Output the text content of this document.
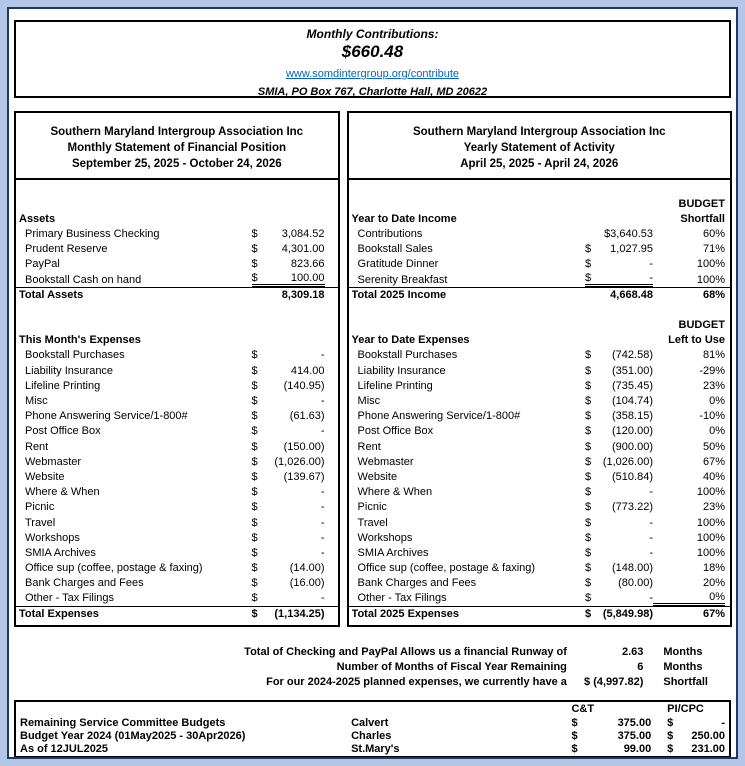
Monthly Contributions:
$660.48
www.somdintergroup.org/contribute
SMIA, PO Box 767, Charlotte Hall, MD 20622
Southern Maryland Intergroup Association Inc
Monthly Statement of Financial Position
September 25, 2025 - October 24, 2026
Assets
Primary Business Checking	$	3,084.52
Prudent Reserve	$	4,301.00
PayPal	$	823.66
Bookstall Cash on hand	$	100.00
Total Assets	8,309.18
This Month's Expenses
Bookstall Purchases	$	-
Liability Insurance	$	414.00
Lifeline Printing	$	(140.95)
Misc	$	-
Phone Answering Service/1-800#	$	(61.63)
Post Office Box	$	-
Rent	$	(150.00)
Webmaster	$	(1,026.00)
Website	$	(139.67)
Where & When	$	-
Picnic	$	-
Travel	$	-
Workshops	$	-
SMIA Archives	$	-
Office sup (coffee, postage & faxing)	$	(14.00)
Bank Charges and Fees	$	(16.00)
Other - Tax Filings	$	-
Total Expenses	$	(1,134.25)
Southern Maryland Intergroup Association Inc
Yearly Statement of Activity
April 25, 2025 - April 24, 2026
BUDGET
Year to Date Income	Shortfall
Contributions	$3,640.53	60%
Bookstall Sales	$	1,027.95	71%
Gratitude Dinner	$	-	100%
Serenity Breakfast	$	-	100%
Total 2025 Income	4,668.48	68%
BUDGET
Year to Date Expenses	Left to Use
Bookstall Purchases	$	(742.58)	81%
Liability Insurance	$	(351.00)	-29%
Lifeline Printing	$	(735.45)	23%
Misc	$	(104.74)	0%
Phone Answering Service/1-800#	$	(358.15)	-10%
Post Office Box	$	(120.00)	0%
Rent	$	(900.00)	50%
Webmaster	$	(1,026.00)	67%
Website	$	(510.84)	40%
Where & When	$	-	100%
Picnic	$	(773.22)	23%
Travel	$	-	100%
Workshops	$	-	100%
SMIA Archives	$	-	100%
Office sup (coffee, postage & faxing)	$	(148.00)	18%
Bank Charges and Fees	$	(80.00)	20%
Other - Tax Filings	$	-	0%
Total 2025 Expenses	$	(5,849.98)	67%
Total of Checking and PayPal Allows us a financial Runway of	2.63	Months
Number of Months of Fiscal Year Remaining	6	Months
For our 2024-2025 planned expenses, we currently have a	$ (4,997.82)	Shortfall
C&T	PI/CPC
Remaining Service Committee Budgets	Calvert	$	375.00 $	-
Budget Year 2024 (01May2025 - 30Apr2026)	Charles	$	375.00 $	250.00
As of 12JUL2025	St.Mary's	$	99.00 $	231.00
